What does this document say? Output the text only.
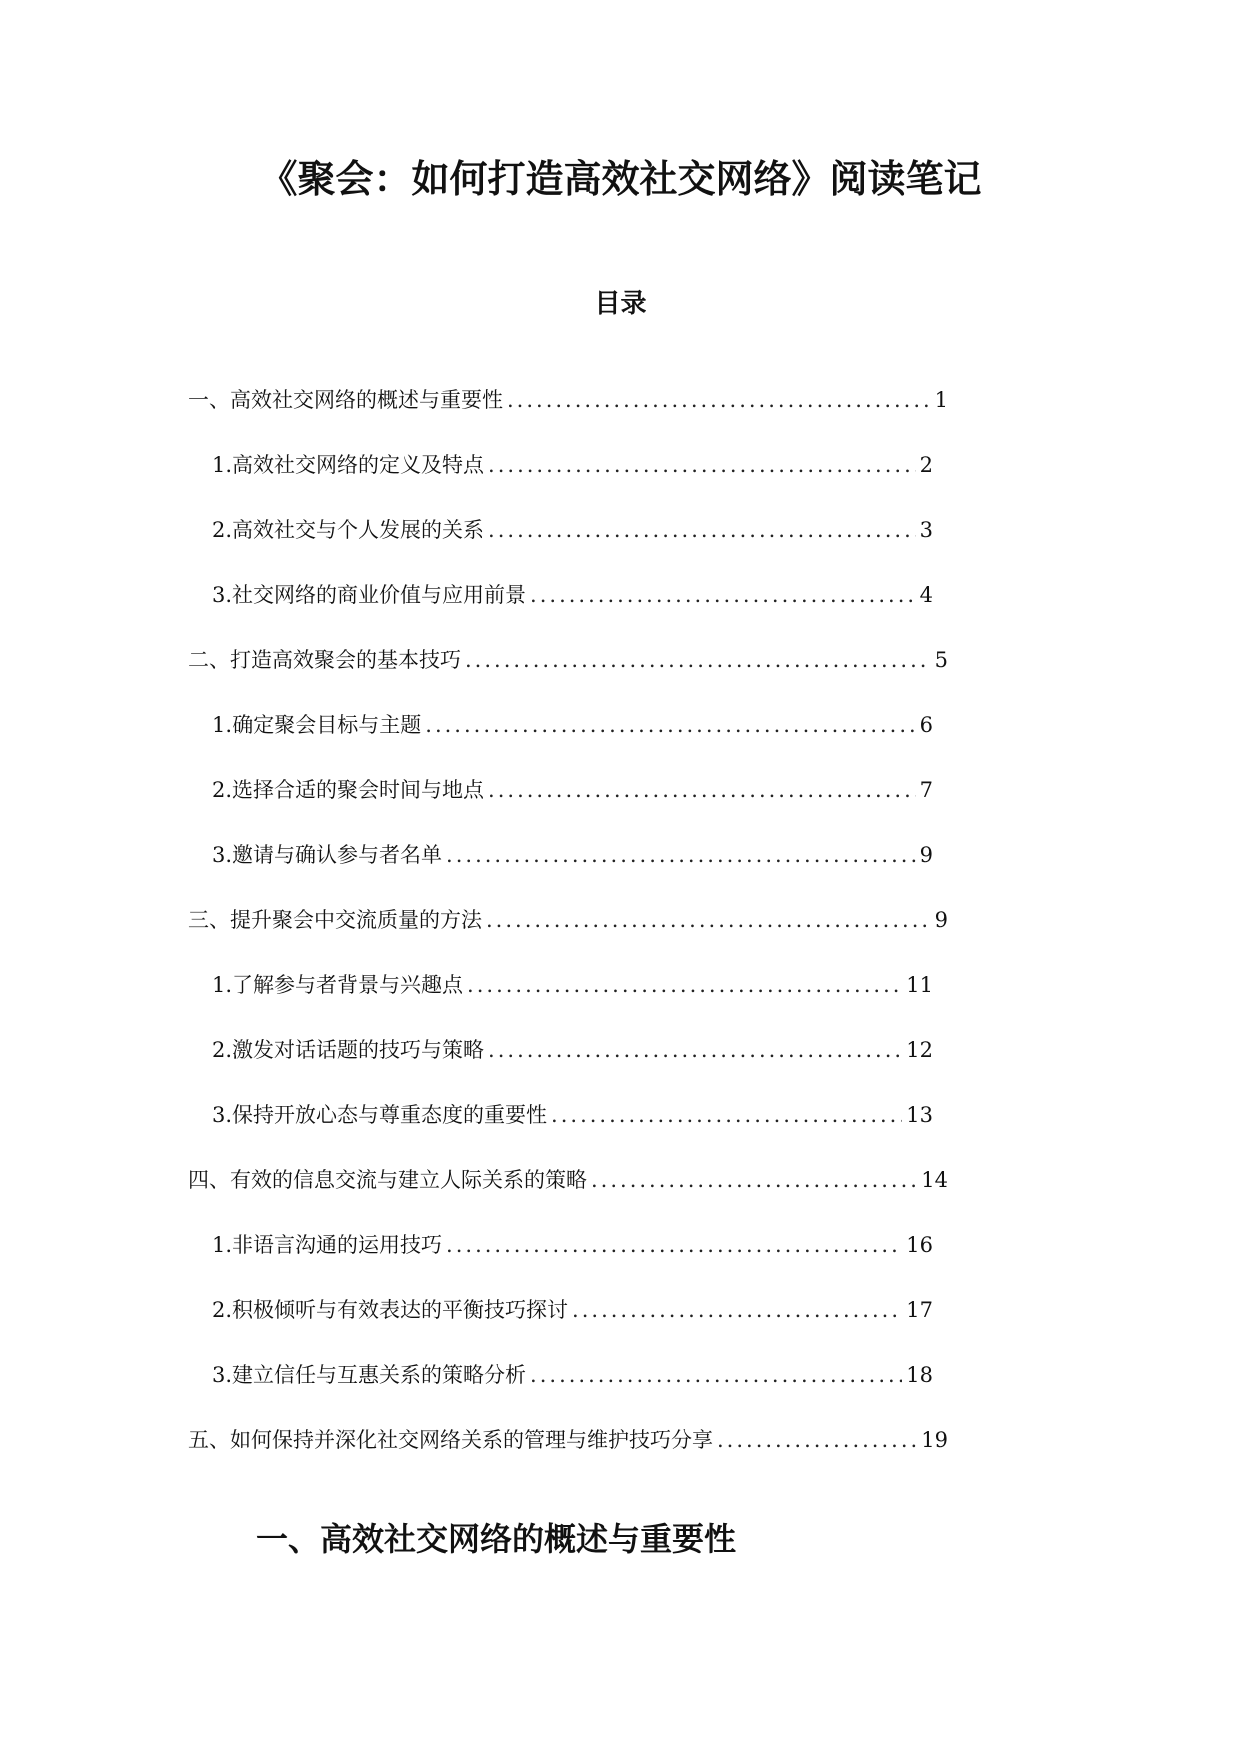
《聚会：如何打造高效社交网络》阅读笔记
目录
一、高效社交网络的概述与重要性 .....	1
1. 高效社交网络的定义及特点 .....	2
2. 高效社交与个人发展的关系 .....	3
3. 社交网络的商业价值与应用前景 .....	4
二、打造高效聚会的基本技巧 .....	5
1. 确定聚会目标与主题 .....	6
2. 选择合适的聚会时间与地点 .....	7
3. 邀请与确认参与者名单 .....	9
三、提升聚会中交流质量的方法 .....	9
1. 了解参与者背景与兴趣点 .....	11
2. 激发对话话题的技巧与策略 .....	12
3. 保持开放心态与尊重态度的重要性 .....	13
四、有效的信息交流与建立人际关系的策略 .....	14
1. 非语言沟通的运用技巧 .....	16
2. 积极倾听与有效表达的平衡技巧探讨 .....	17
3. 建立信任与互惠关系的策略分析 .....	18
五、如何保持并深化社交网络关系的管理与维护技巧分享 .....	19
一、高效社交网络的概述与重要性
